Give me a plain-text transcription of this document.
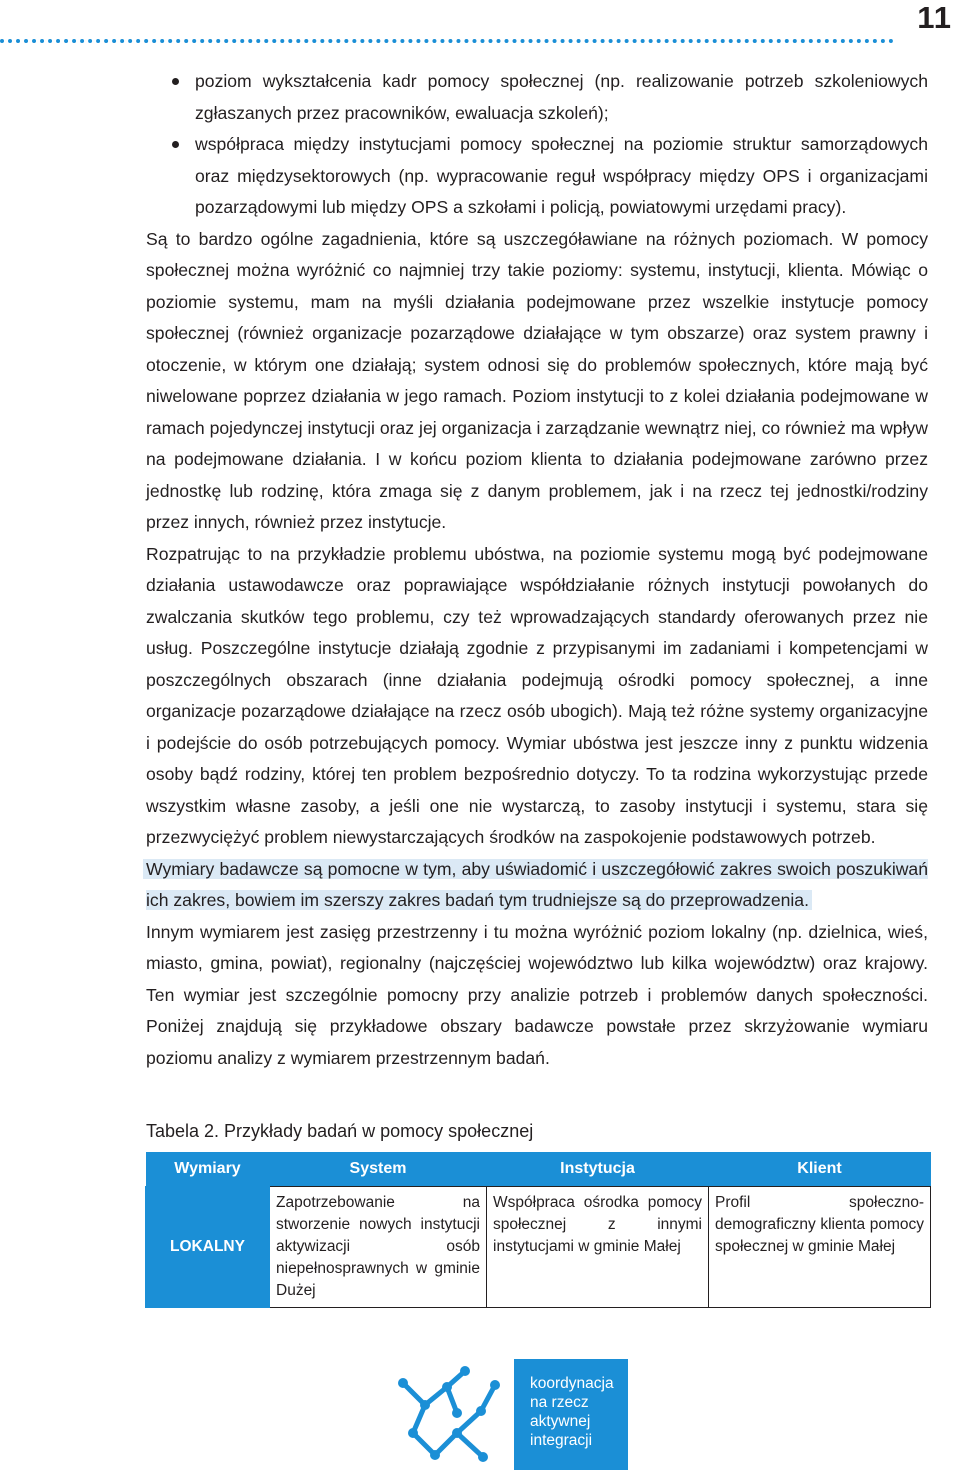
11
poziom wykształcenia kadr pomocy społecznej (np. realizowanie potrzeb szkoleniowych zgłaszanych przez pracowników, ewaluacja szkoleń);
współpraca między instytucjami pomocy społecznej na poziomie struktur samorządowych oraz międzysektorowych (np. wypracowanie reguł współpracy między OPS i organizacjami pozarządowymi lub między OPS a szkołami i policją, powiatowymi urzędami pracy).

Są to bardzo ogólne zagadnienia, które są uszczegóławiane na różnych poziomach. W pomocy społecznej można wyróżnić co najmniej trzy takie poziomy: systemu, instytucji, klienta. Mówiąc o poziomie systemu, mam na myśli działania podejmowane przez wszelkie instytucje pomocy społecznej (również organizacje pozarządowe działające w tym obszarze) oraz system prawny i otoczenie, w którym one działają; system odnosi się do problemów społecznych, które mają być niwelowane poprzez działania w jego ramach. Poziom instytucji to z kolei działania podejmowane w ramach pojedynczej instytucji oraz jej organizacja i zarządzanie wewnątrz niej, co również ma wpływ na podejmowane działania. I w końcu poziom klienta to działania podejmowane zarówno przez jednostkę lub rodzinę, która zmaga się z danym problemem, jak i na rzecz tej jednostki/rodziny przez innych, również przez instytucje.

Rozpatrując to na przykładzie problemu ubóstwa, na poziomie systemu mogą być podejmowane działania ustawodawcze oraz poprawiające współdziałanie różnych instytucji powołanych do zwalczania skutków tego problemu, czy też wprowadzających standardy oferowanych przez nie usług. Poszczególne instytucje działają zgodnie z przypisanymi im zadaniami i kompetencjami w poszczególnych obszarach (inne działania podejmują ośrodki pomocy społecznej, a inne organizacje pozarządowe działające na rzecz osób ubogich). Mają też różne systemy organizacyjne i podejście do osób potrzebujących pomocy. Wymiar ubóstwa jest jeszcze inny z punktu widzenia osoby bądź rodziny, której ten problem bezpośrednio dotyczy. To ta rodzina wykorzystując przede wszystkim własne zasoby, a jeśli one nie wystarczą, to zasoby instytucji i systemu, stara się przezwyciężyć problem niewystarczających środków na zaspokojenie podstawowych potrzeb.

Wymiary badawcze są pomocne w tym, aby uświadomić i uszczegółowić zakres swoich poszukiwań ich zakres, bowiem im szerszy zakres badań tym trudniejsze są do przeprowadzenia.

Innym wymiarem jest zasięg przestrzenny i tu można wyróżnić poziom lokalny (np. dzielnica, wieś, miasto, gmina, powiat), regionalny (najczęściej województwo lub kilka województw) oraz krajowy. Ten wymiar jest szczególnie pomocny przy analizie potrzeb i problemów danych społeczności. Poniżej znajdują się przykładowe obszary badawcze powstałe przez skrzyżowanie wymiaru poziomu analizy z wymiarem przestrzennym badań.

Tabela 2. Przykłady badań w pomocy społecznej
Wymiary	System	Instytucja	Klient
LOKALNY	Zapotrzebowanie na stworzenie nowych instytucji aktywizacji osób niepełnosprawnych w gminie Dużej	Współpraca ośrodka pomocy społecznej z innymi instytucjami w gminie Małej	Profil społeczno-demograficzny klienta pomocy społecznej w gminie Małej
koordynacja
na rzecz
aktywnej
integracji
